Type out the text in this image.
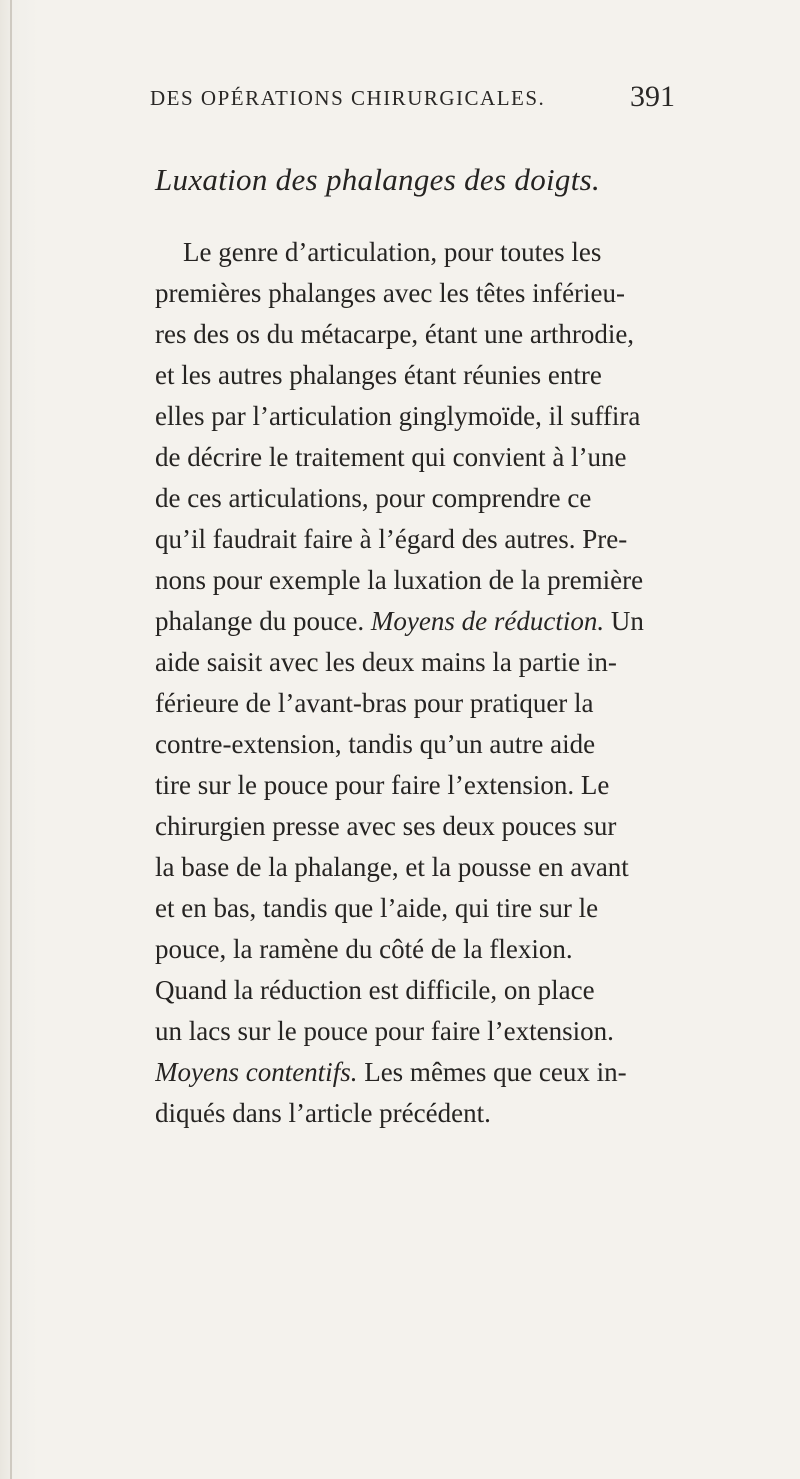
DES OPÉRATIONS CHIRURGICALES.	391
Luxation des phalanges des doigts.
Le genre d’articulation, pour toutes les
premières phalanges avec les têtes inférieu-
res des os du métacarpe, étant une arthrodie,
et les autres phalanges étant réunies entre
elles par l’articulation ginglymoïde, il suffira
de décrire le traitement qui convient à l’une
de ces articulations, pour comprendre ce
qu’il faudrait faire à l’égard des autres. Pre-
nons pour exemple la luxation de la première
phalange du pouce. Moyens de réduction. Un
aide saisit avec les deux mains la partie in-
férieure de l’avant-bras pour pratiquer la
contre-extension, tandis qu’un autre aide
tire sur le pouce pour faire l’extension. Le
chirurgien presse avec ses deux pouces sur
la base de la phalange, et la pousse en avant
et en bas, tandis que l’aide, qui tire sur le
pouce, la ramène du côté de la flexion.
Quand la réduction est difficile, on place
un lacs sur le pouce pour faire l’extension.
Moyens contentifs. Les mêmes que ceux in-
diqués dans l’article précédent.
